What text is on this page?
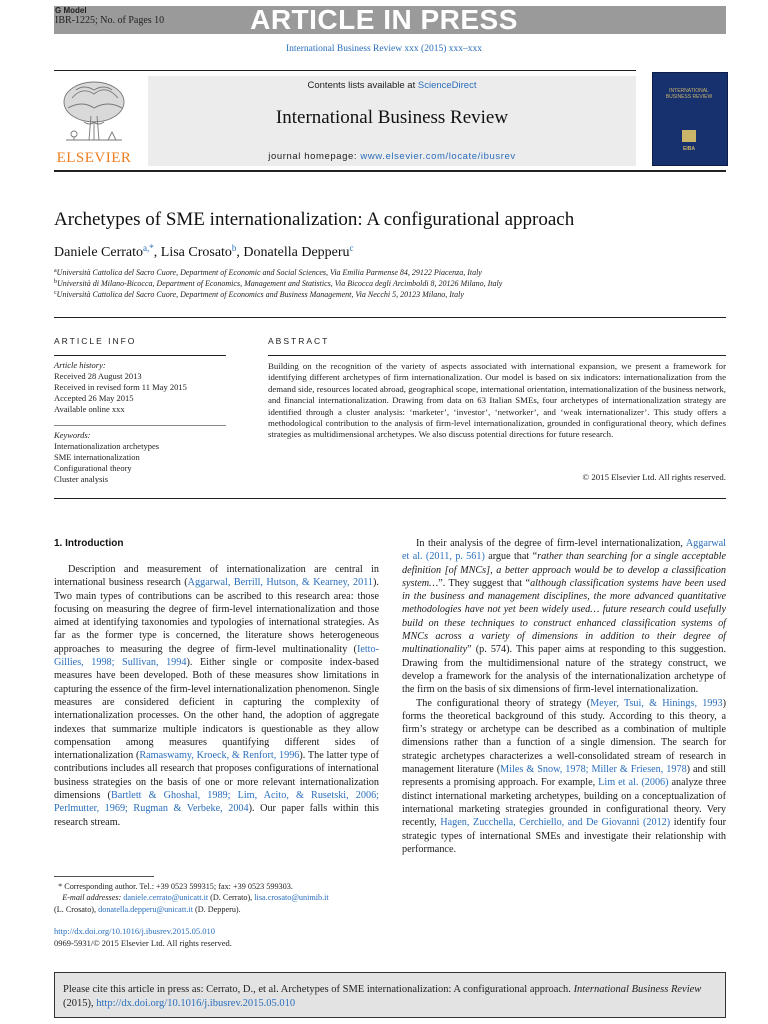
G Model
IBR-1225; No. of Pages 10	ARTICLE IN PRESS
International Business Review xxx (2015) xxx–xxx
ELSEVIER
Contents lists available at ScienceDirect
International Business Review
journal homepage: www.elsevier.com/locate/ibusrev
INTERNATIONAL BUSINESS REVIEW
EIBA
Archetypes of SME internationalization: A configurational approach
Daniele Cerrato$^{a,*}$, Lisa Crosato$^b$, Donatella Depperu$^c$
$^a$Università Cattolica del Sacro Cuore, Department of Economic and Social Sciences, Via Emilia Parmense 84, 29122 Piacenza, Italy
$^b$Università di Milano-Bicocca, Department of Economics, Management and Statistics, Via Bicocca degli Arcimboldi 8, 20126 Milano, Italy
$^c$Università Cattolica del Sacro Cuore, Department of Economics and Business Management, Via Necchi 5, 20123 Milano, Italy
ARTICLE INFO
Article history:
Received 28 August 2013
Received in revised form 11 May 2015
Accepted 26 May 2015
Available online xxx
Keywords:
Internationalization archetypes
SME internationalization
Configurational theory
Cluster analysis
ABSTRACT
Building on the recognition of the variety of aspects associated with international expansion, we present a framework for identifying different archetypes of firm internationalization. Our model is based on six indicators: internationalization from the demand side, resources located abroad, geographical scope, international orientation, internationalization of the business network, and financial internationalization. Drawing from data on 63 Italian SMEs, four archetypes of internationalization strategy are identified through a cluster analysis: ‘marketer’, ‘investor’, ‘networker’, and ‘weak internationalizer’. This study offers a methodological contribution to the analysis of firm-level internationalization, grounded in configurational theory, which defines strategies as multidimensional archetypes. We also discuss potential directions for future research.
© 2015 Elsevier Ltd. All rights reserved.
1. Introduction

Description and measurement of internationalization are central in international business research (Aggarwal, Berrill, Hutson, & Kearney, 2011). Two main types of contributions can be ascribed to this research area: those focusing on measuring the degree of firm-level internationalization and those aimed at identifying taxonomies and typologies of international strategies. As far as the former type is concerned, the literature shows heterogeneous approaches to measuring the degree of firm-level multinationality (Ietto-Gillies, 1998; Sullivan, 1994). Either single or composite index-based measures have been developed. Both of these measures show limitations in capturing the essence of the firm-level internationalization phenomenon. Single measures are considered deficient in capturing the complexity of internationalization processes. On the other hand, the adoption of aggregate indexes that summarize multiple indicators is questionable as they allow compensation among measures quantifying different sides of internationalization (Ramaswamy, Kroeck, & Renfort, 1996). The latter type of contributions includes all research that proposes configurations of international business strategies on the basis of one or more relevant internationalization dimensions (Bartlett & Ghoshal, 1989; Lim, Acito, & Rusetski, 2006; Perlmutter, 1969; Rugman & Verbeke, 2004). Our paper falls within this research stream.

In their analysis of the degree of firm-level internationalization, Aggarwal et al. (2011, p. 561) argue that “rather than searching for a single acceptable definition [of MNCs], a better approach would be to develop a classification system…”. They suggest that “although classification systems have been used in the business and management disciplines, the more advanced quantitative methodologies have not yet been widely used… future research could usefully build on these techniques to construct enhanced classification systems of MNCs across a variety of dimensions in addition to their degree of multinationality” (p. 574). This paper aims at responding to this suggestion. Drawing from the multidimensional nature of the strategy construct, we develop a framework for the analysis of the internationalization archetype of the firm on the basis of six dimensions of firm-level internationalization.

The configurational theory of strategy (Meyer, Tsui, & Hinings, 1993) forms the theoretical background of this study. According to this theory, a firm’s strategy or archetype can be described as a combination of multiple dimensions rather than a function of a single dimension. The search for strategic archetypes characterizes a well-consolidated stream of research in management literature (Miles & Snow, 1978; Miller & Friesen, 1978) and still represents a promising approach. For example, Lim et al. (2006) analyze three distinct international marketing archetypes, building on a conceptualization of international marketing strategies grounded in configurational theory. Very recently, Hagen, Zucchella, Cerchiello, and De Giovanni (2012) identify four strategic types of international SMEs and investigate their relationship with performance.

* Corresponding author. Tel.: +39 0523 599315; fax: +39 0523 599303.
E-mail addresses: daniele.cerrato@unicatt.it (D. Cerrato), lisa.crosato@unimib.it
(L. Crosato), donatella.depperu@unicatt.it (D. Depperu).
http://dx.doi.org/10.1016/j.ibusrev.2015.05.010
0969-5931/© 2015 Elsevier Ltd. All rights reserved.
Please cite this article in press as: Cerrato, D., et al. Archetypes of SME internationalization: A configurational approach. International Business Review (2015), http://dx.doi.org/10.1016/j.ibusrev.2015.05.010
